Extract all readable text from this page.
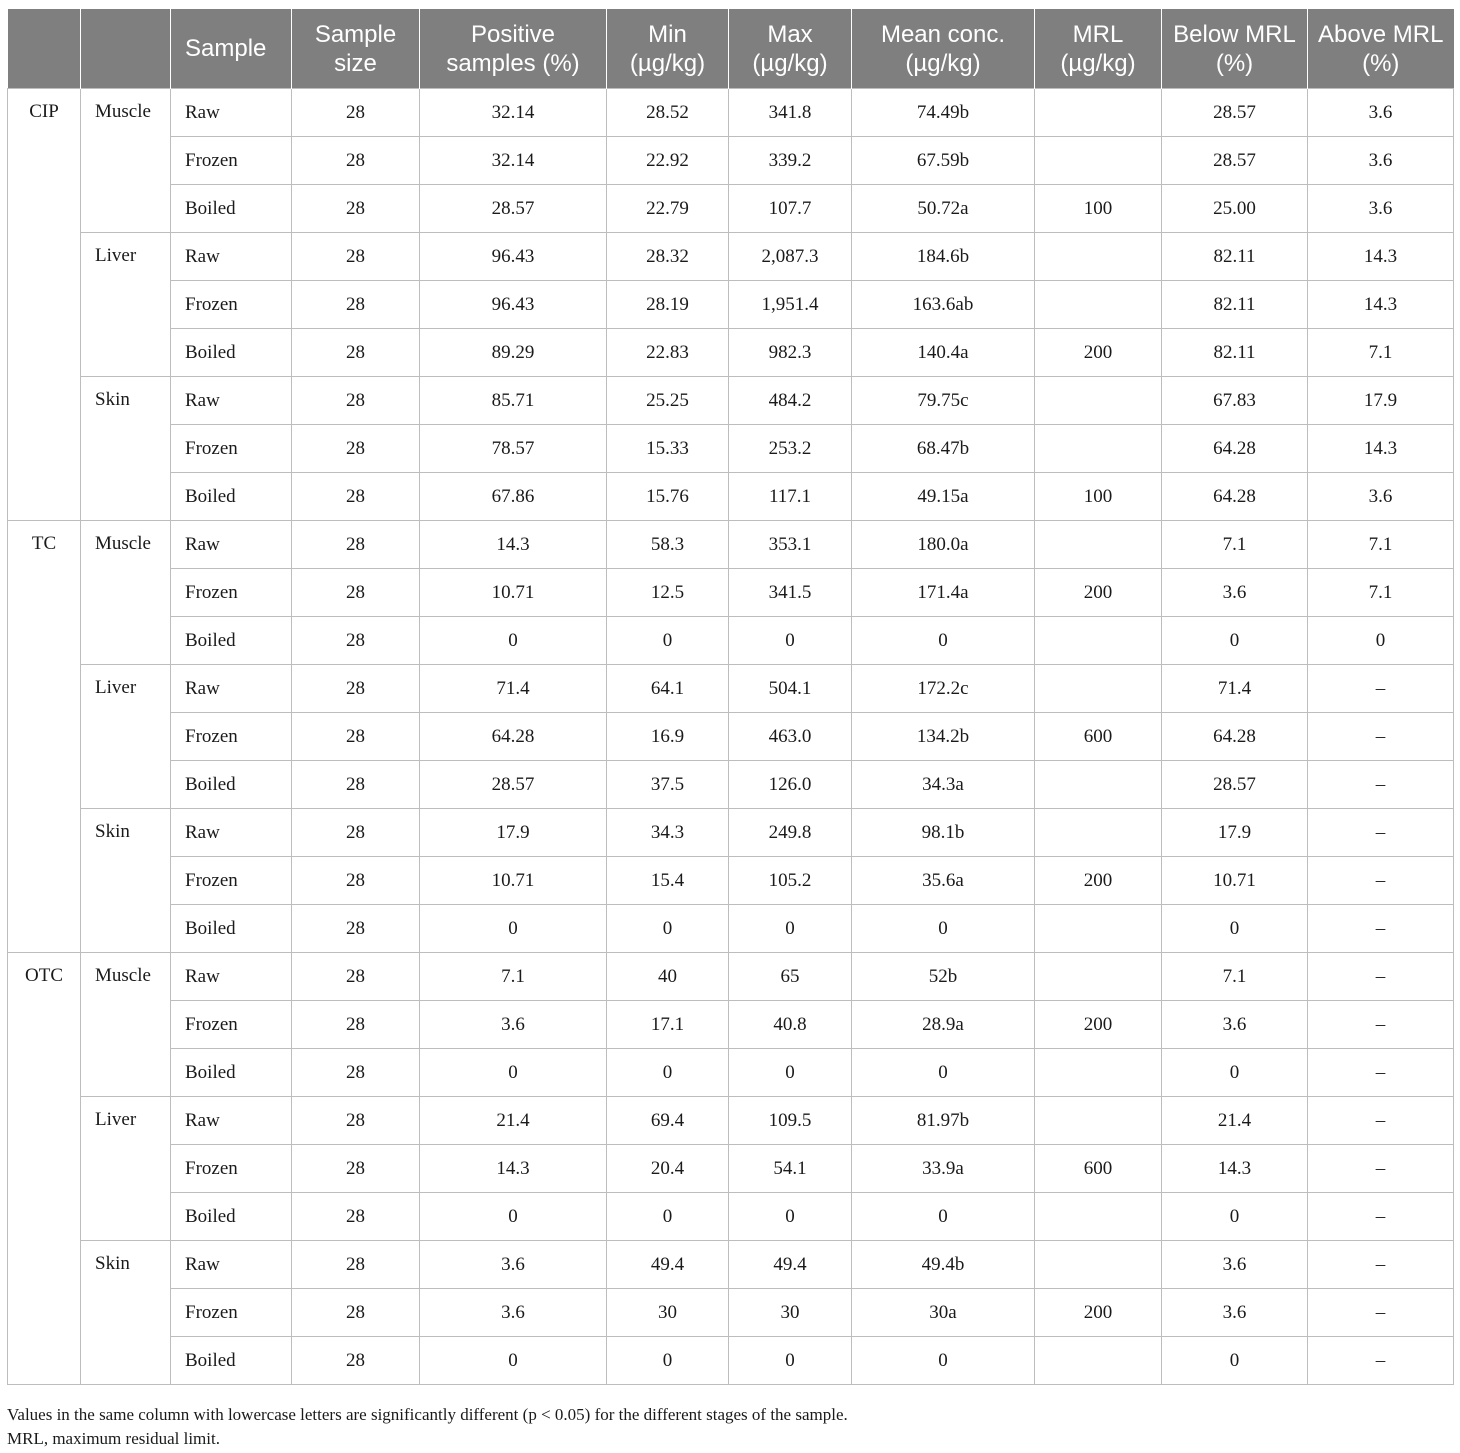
		Sample	Sample size	Positive samples (%)	Min (µg/kg)	Max (µg/kg)	Mean conc. (µg/kg)	MRL (µg/kg)	Below MRL (%)	Above MRL (%)
CIP	Muscle	Raw	28	32.14	28.52	341.8	74.49b		28.57	3.6
		Frozen	28	32.14	22.92	339.2	67.59b		28.57	3.6
		Boiled	28	28.57	22.79	107.7	50.72a	100	25.00	3.6
	Liver	Raw	28	96.43	28.32	2,087.3	184.6b		82.11	14.3
		Frozen	28	96.43	28.19	1,951.4	163.6ab		82.11	14.3
		Boiled	28	89.29	22.83	982.3	140.4a	200	82.11	7.1
	Skin	Raw	28	85.71	25.25	484.2	79.75c		67.83	17.9
		Frozen	28	78.57	15.33	253.2	68.47b		64.28	14.3
		Boiled	28	67.86	15.76	117.1	49.15a	100	64.28	3.6
TC	Muscle	Raw	28	14.3	58.3	353.1	180.0a		7.1	7.1
		Frozen	28	10.71	12.5	341.5	171.4a	200	3.6	7.1
		Boiled	28	0	0	0	0		0	0
	Liver	Raw	28	71.4	64.1	504.1	172.2c		71.4	–
		Frozen	28	64.28	16.9	463.0	134.2b	600	64.28	–
		Boiled	28	28.57	37.5	126.0	34.3a		28.57	–
	Skin	Raw	28	17.9	34.3	249.8	98.1b		17.9	–
		Frozen	28	10.71	15.4	105.2	35.6a	200	10.71	–
		Boiled	28	0	0	0	0		0	–
OTC	Muscle	Raw	28	7.1	40	65	52b		7.1	–
		Frozen	28	3.6	17.1	40.8	28.9a	200	3.6	–
		Boiled	28	0	0	0	0		0	–
	Liver	Raw	28	21.4	69.4	109.5	81.97b		21.4	–
		Frozen	28	14.3	20.4	54.1	33.9a	600	14.3	–
		Boiled	28	0	0	0	0		0	–
	Skin	Raw	28	3.6	49.4	49.4	49.4b		3.6	–
		Frozen	28	3.6	30	30	30a	200	3.6	–
		Boiled	28	0	0	0	0		0	–
Values in the same column with lowercase letters are significantly different (p < 0.05) for the different stages of the sample.
MRL, maximum residual limit.
